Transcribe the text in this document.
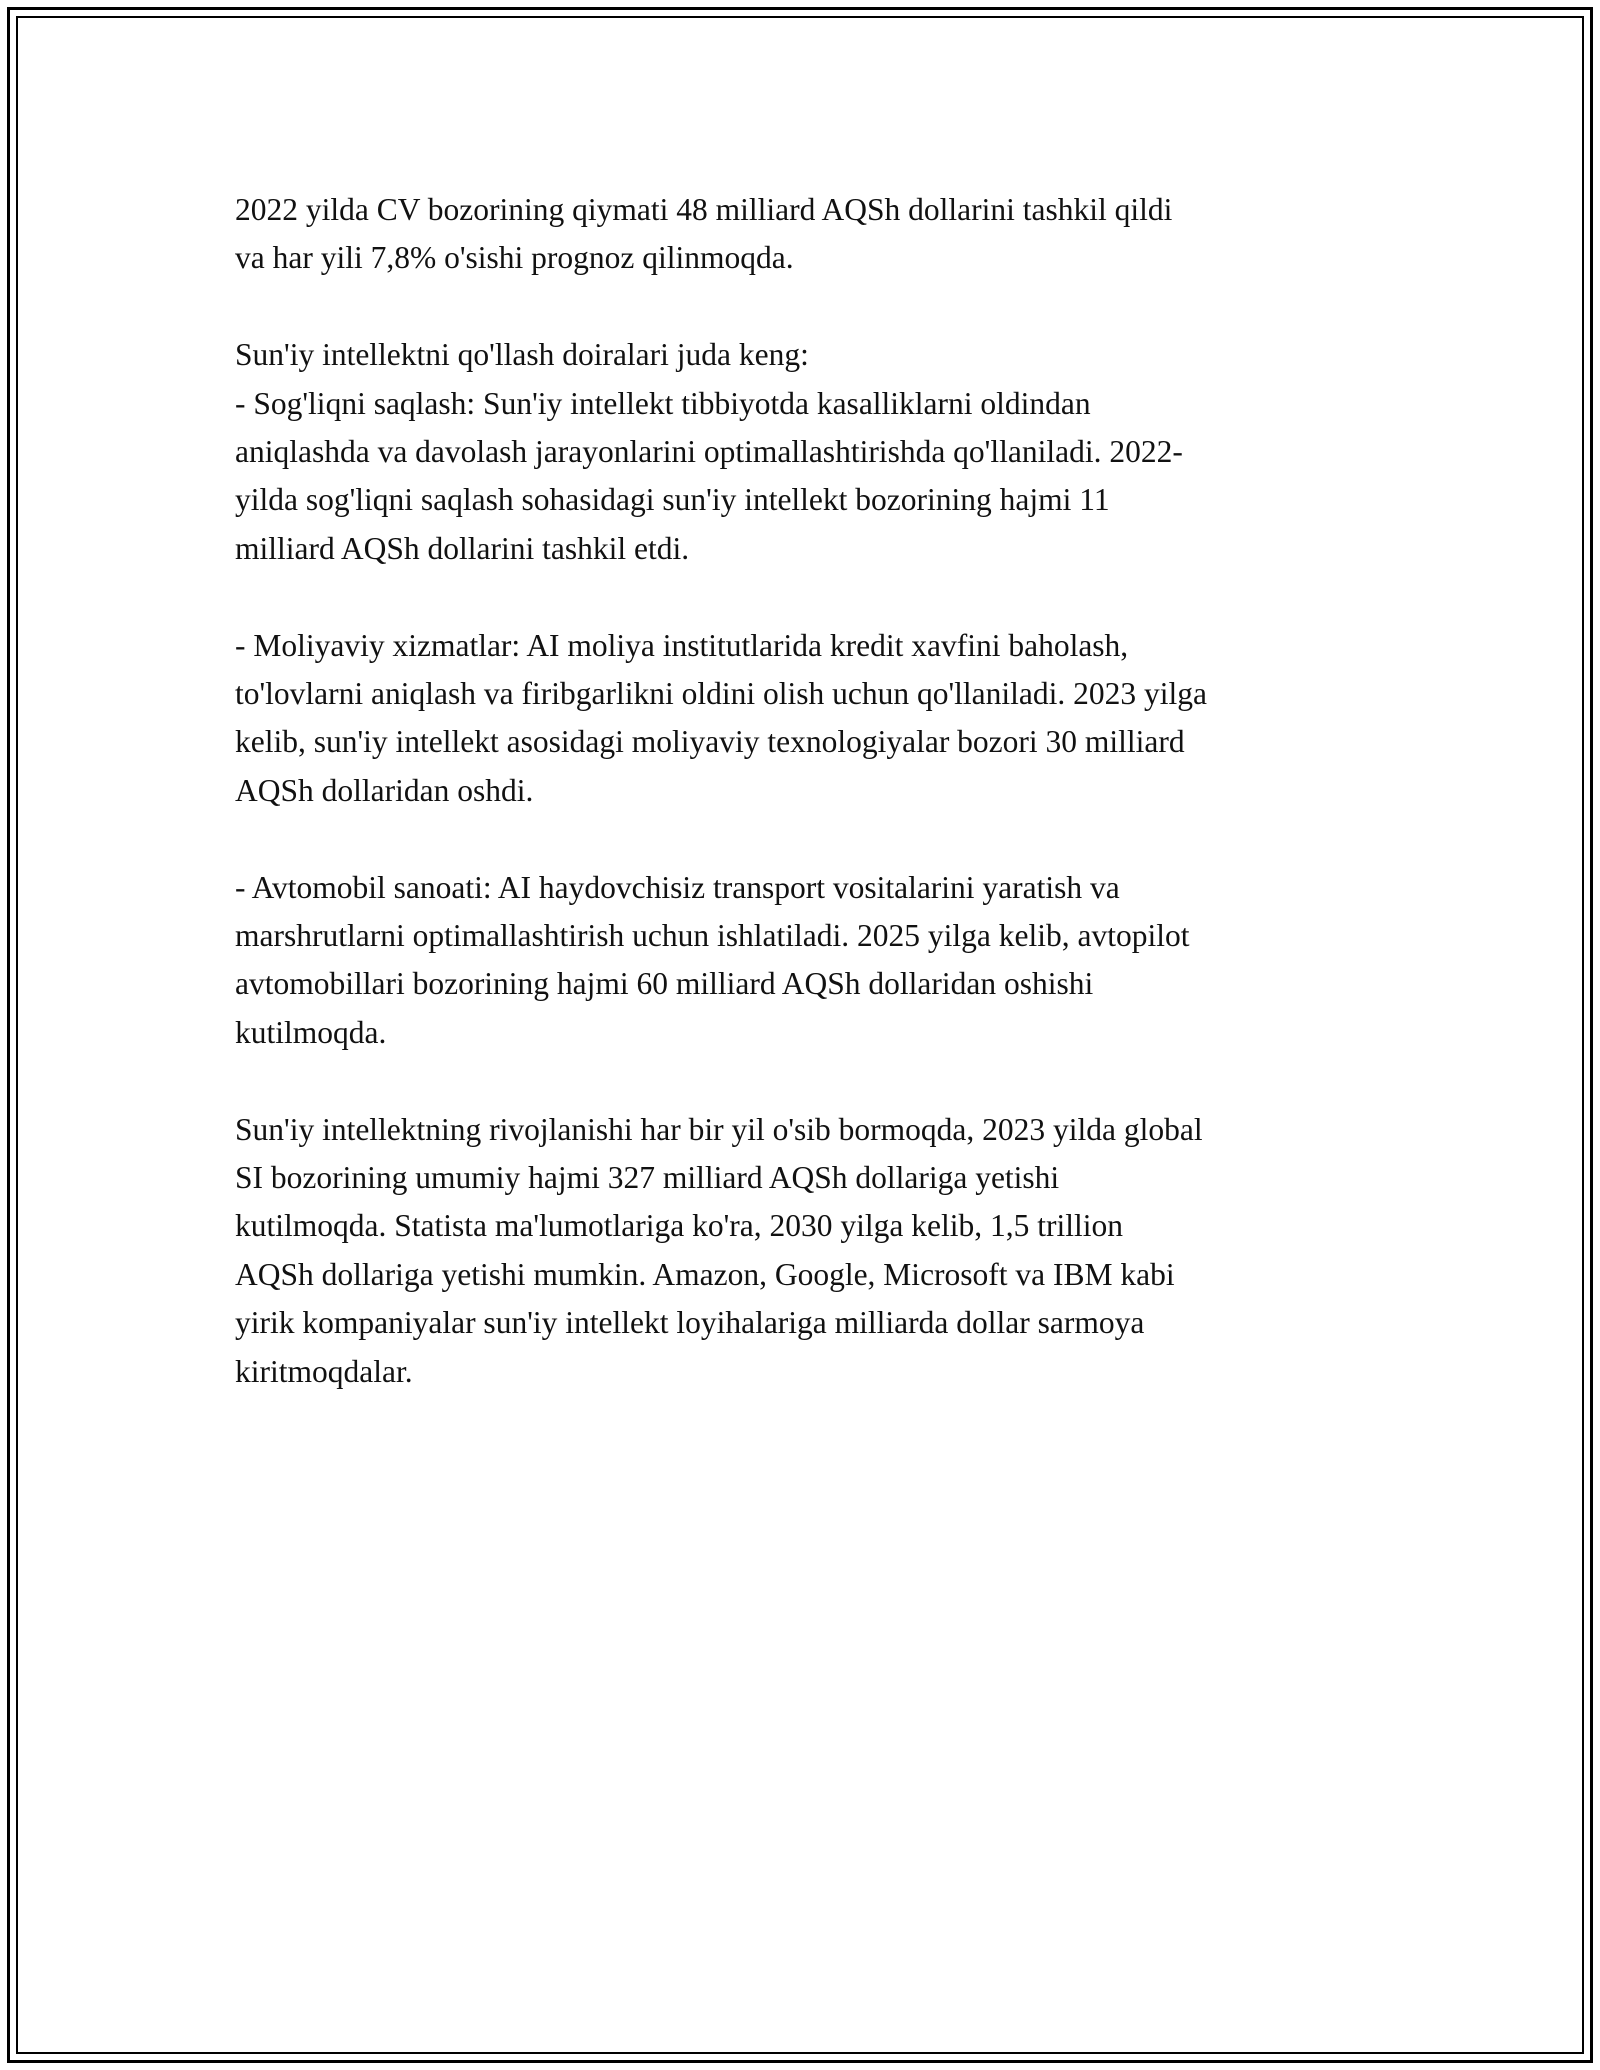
2022 yilda CV bozorining qiymati 48 milliard AQSh dollarini tashkil qildi
va har yili 7,8% o'sishi prognoz qilinmoqda.

Sun'iy intellektni qo'llash doiralari juda keng:
- Sog'liqni saqlash: Sun'iy intellekt tibbiyotda kasalliklarni oldindan
aniqlashda va davolash jarayonlarini optimallashtirishda qo'llaniladi. 2022-
yilda sog'liqni saqlash sohasidagi sun'iy intellekt bozorining hajmi 11
milliard AQSh dollarini tashkil etdi.

- Moliyaviy xizmatlar: AI moliya institutlarida kredit xavfini baholash,
to'lovlarni aniqlash va firibgarlikni oldini olish uchun qo'llaniladi. 2023 yilga
kelib, sun'iy intellekt asosidagi moliyaviy texnologiyalar bozori 30 milliard
AQSh dollaridan oshdi.

- Avtomobil sanoati: AI haydovchisiz transport vositalarini yaratish va
marshrutlarni optimallashtirish uchun ishlatiladi. 2025 yilga kelib, avtopilot
avtomobillari bozorining hajmi 60 milliard AQSh dollaridan oshishi
kutilmoqda.

Sun'iy intellektning rivojlanishi har bir yil o'sib bormoqda, 2023 yilda global
SI bozorining umumiy hajmi 327 milliard AQSh dollariga yetishi
kutilmoqda. Statista ma'lumotlariga ko'ra, 2030 yilga kelib, 1,5 trillion
AQSh dollariga yetishi mumkin. Amazon, Google, Microsoft va IBM kabi
yirik kompaniyalar sun'iy intellekt loyihalariga milliarda dollar sarmoya
kiritmoqdalar.
